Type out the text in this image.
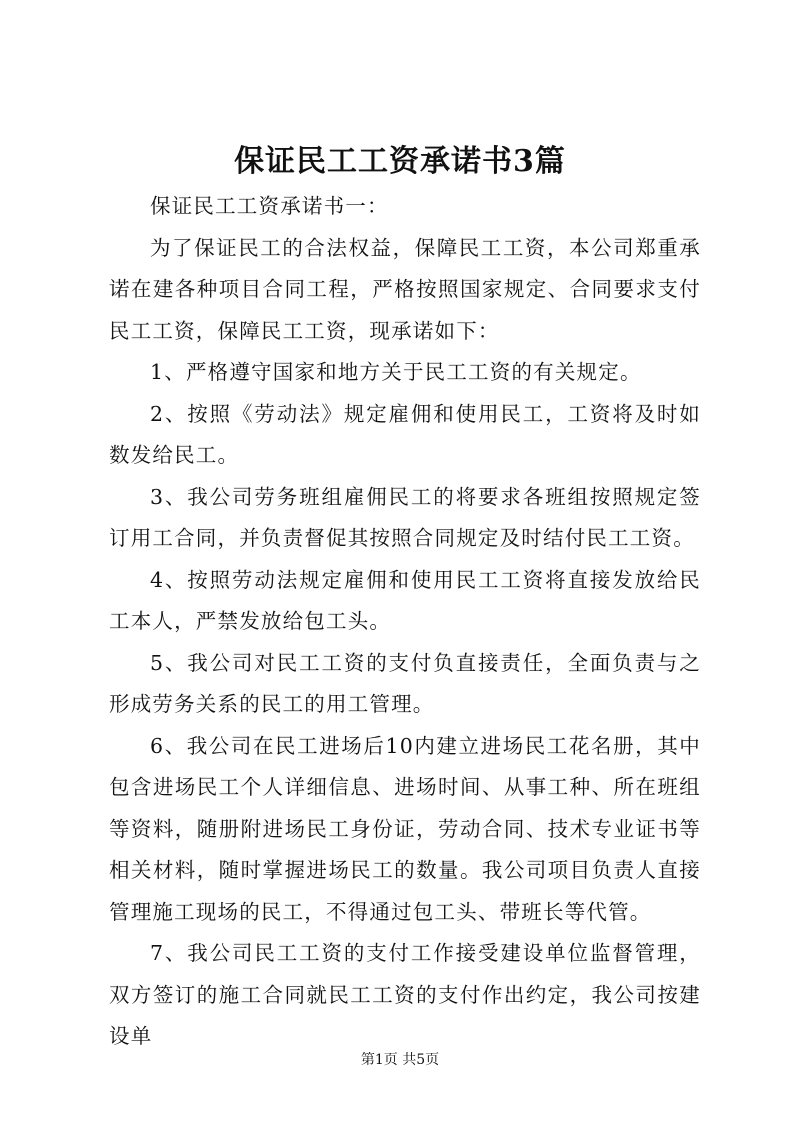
保证民工工资承诺书3篇

保证民工工资承诺书一：

为了保证民工的合法权益，保障民工工资，本公司郑重承诺在建各种项目合同工程，严格按照国家规定、合同要求支付民工工资，保障民工工资，现承诺如下：

1、严格遵守国家和地方关于民工工资的有关规定。

2、按照《劳动法》规定雇佣和使用民工，工资将及时如数发给民工。

3、我公司劳务班组雇佣民工的将要求各班组按照规定签订用工合同，并负责督促其按照合同规定及时结付民工工资。

4、按照劳动法规定雇佣和使用民工工资将直接发放给民工本人，严禁发放给包工头。

5、我公司对民工工资的支付负直接责任，全面负责与之形成劳务关系的民工的用工管理。

6、我公司在民工进场后10内建立进场民工花名册，其中包含进场民工个人详细信息、进场时间、从事工种、所在班组等资料，随册附进场民工身份证，劳动合同、技术专业证书等相关材料，随时掌握进场民工的数量。我公司项目负责人直接管理施工现场的民工，不得通过包工头、带班长等代管。

7、我公司民工工资的支付工作接受建设单位监督管理，双方签订的施工合同就民工工资的支付作出约定，我公司按建设单

第1页 共5页
